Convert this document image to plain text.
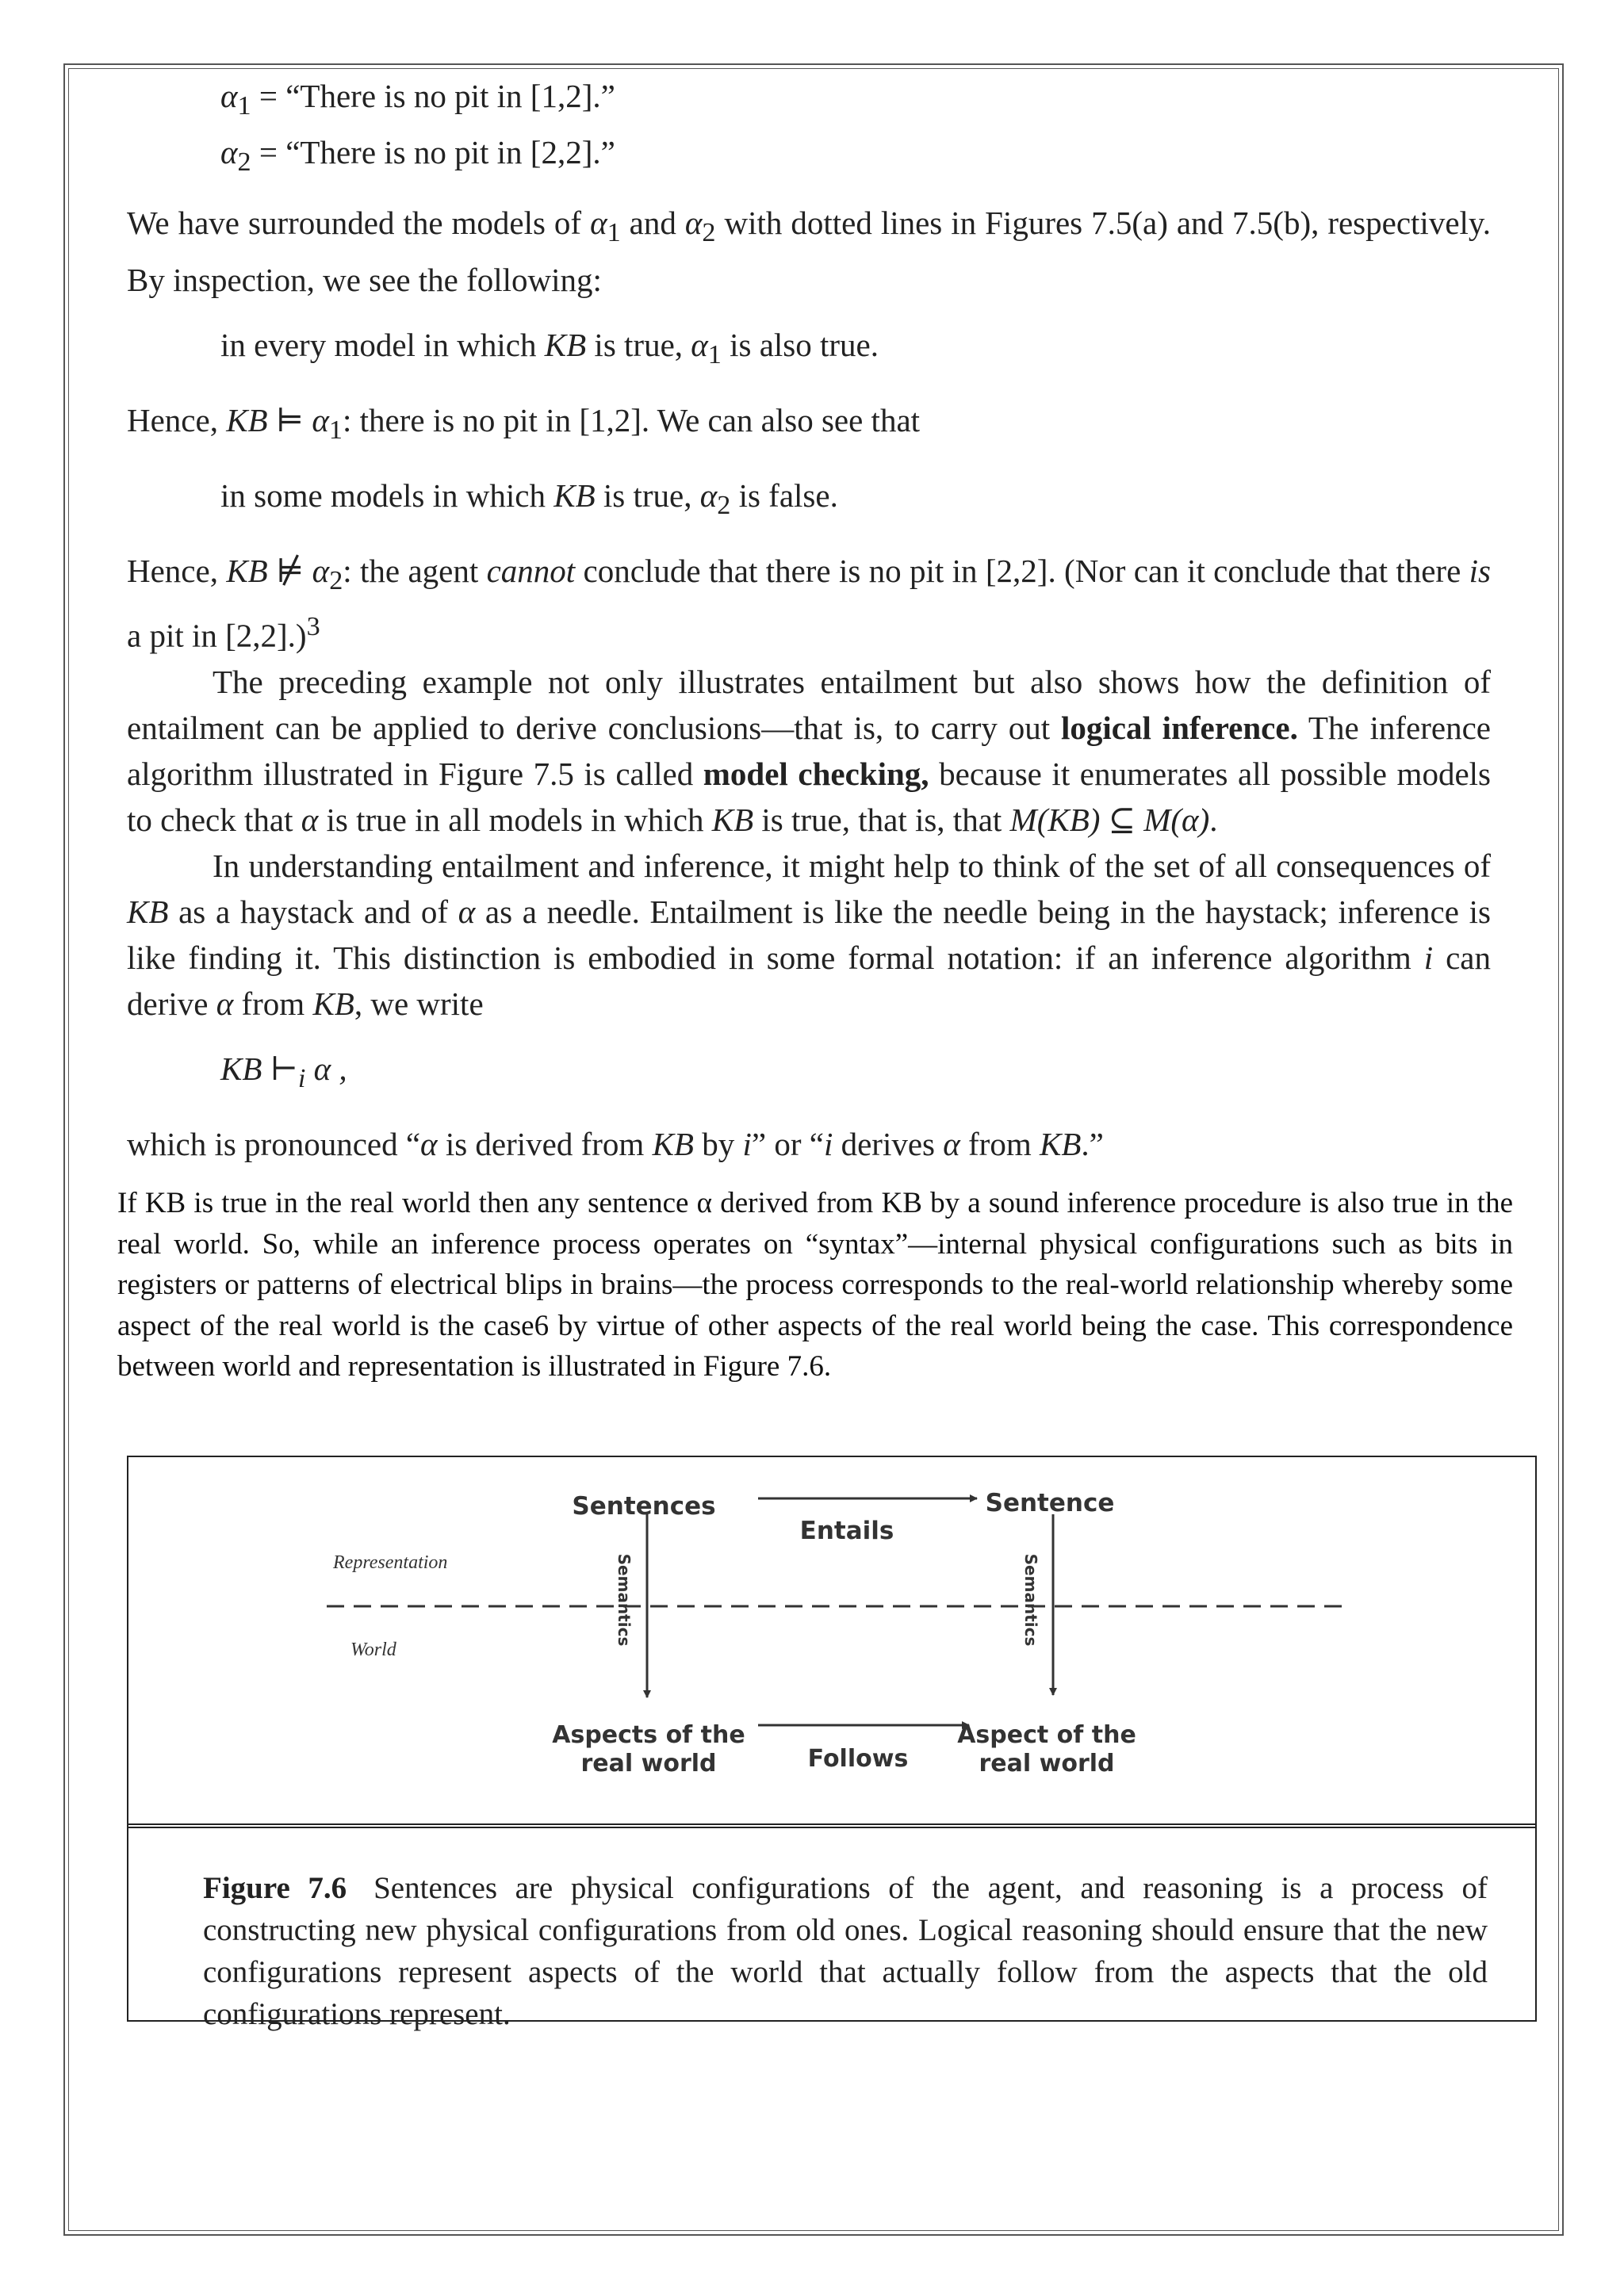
$\alpha_1$ = “There is no pit in [1,2].”

$\alpha_2$ = “There is no pit in [2,2].”

We have surrounded the models of $\alpha_1$ and $\alpha_2$ with dotted lines in Figures 7.5(a) and 7.5(b), respectively. By inspection, we see the following:

in every model in which KB is true, $\alpha_1$ is also true.

Hence, KB ⊨ $\alpha_1$: there is no pit in [1,2]. We can also see that

in some models in which KB is true, $\alpha_2$ is false.

Hence, KB ⊭ $\alpha_2$: the agent cannot conclude that there is no pit in [2,2]. (Nor can it conclude that there is a pit in [2,2].)$^3$

The preceding example not only illustrates entailment but also shows how the definition of entailment can be applied to derive conclusions—that is, to carry out logical inference. The inference algorithm illustrated in Figure 7.5 is called model checking, because it enumerates all possible models to check that α is true in all models in which KB is true, that is, that M(KB) ⊆ M(α).

In understanding entailment and inference, it might help to think of the set of all consequences of KB as a haystack and of α as a needle. Entailment is like the needle being in the haystack; inference is like finding it. This distinction is embodied in some formal notation: if an inference algorithm i can derive α from KB, we write

KB $⊢_i$ α ,

which is pronounced “α is derived from KB by i” or “i derives α from KB.”

If KB is true in the real world then any sentence α derived from KB by a sound inference procedure is also true in the real world. So, while an inference process operates on “syntax”—internal physical configurations such as bits in registers or patterns of electrical blips in brains—the process corresponds to the real-world relationship whereby some aspect of the real world is the case6 by virtue of other aspects of the real world being the case. This correspondence between world and representation is illustrated in Figure 7.6.

Sentences	Sentence
Entails
Representation
World
Semantics	Semantics
Aspects of the
real world
Aspect of the
real world
Follows

Figure 7.6 Sentences are physical configurations of the agent, and reasoning is a process of constructing new physical configurations from old ones. Logical reasoning should ensure that the new configurations represent aspects of the world that actually follow from the aspects that the old configurations represent.
